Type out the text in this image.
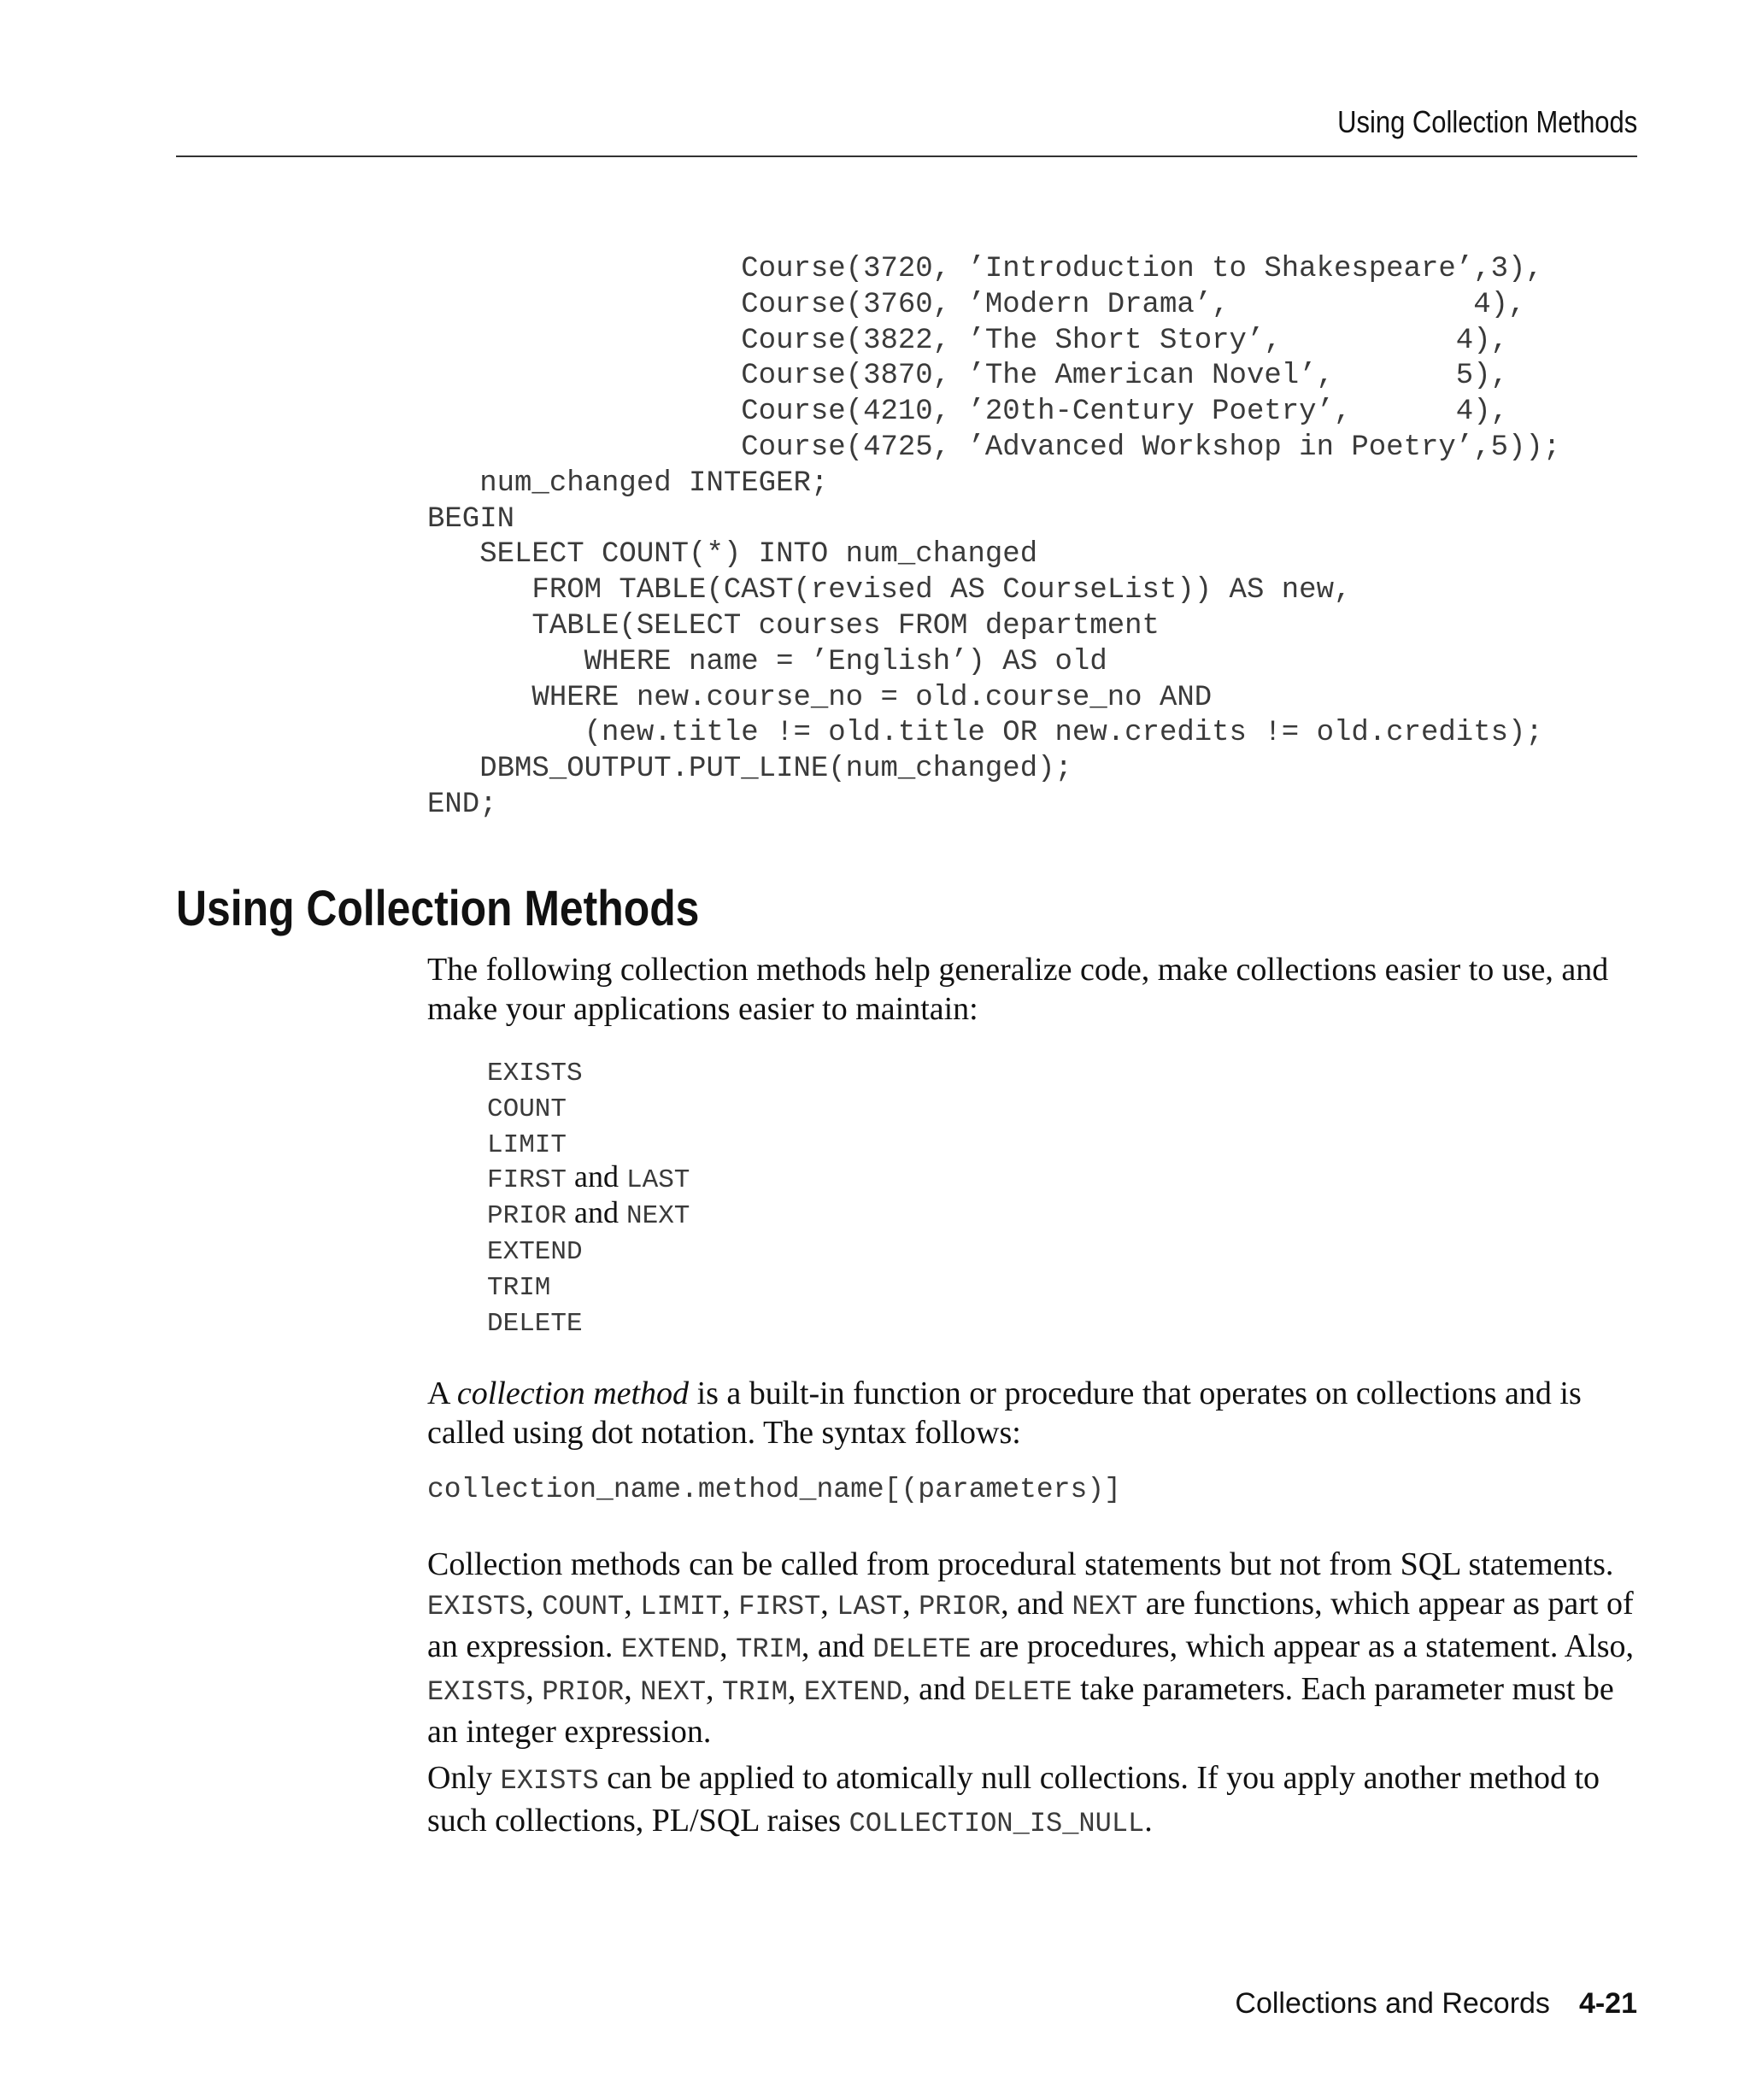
Using Collection Methods
Course(3720, ’Introduction to Shakespeare’,3),
Course(3760, ’Modern Drama’,              4),
Course(3822, ’The Short Story’,          4),
Course(3870, ’The American Novel’,       5),
Course(4210, ’20th-Century Poetry’,      4),
Course(4725, ’Advanced Workshop in Poetry’,5));
num_changed INTEGER;
BEGIN
SELECT COUNT(*) INTO num_changed
FROM TABLE(CAST(revised AS CourseList)) AS new,
TABLE(SELECT courses FROM department
WHERE name = ’English’) AS old
WHERE new.course_no = old.course_no AND
(new.title != old.title OR new.credits != old.credits);
DBMS_OUTPUT.PUT_LINE(num_changed);
END;
Using Collection Methods

The following collection methods help generalize code, make collections easier to use, and make your applications easier to maintain:

EXISTS
COUNT
LIMIT
FIRST and LAST
PRIOR and NEXT
EXTEND
TRIM
DELETE

A collection method is a built-in function or procedure that operates on collections and is called using dot notation. The syntax follows:

collection_name.method_name[(parameters)]

Collection methods can be called from procedural statements but not from SQL statements. EXISTS, COUNT, LIMIT, FIRST, LAST, PRIOR, and NEXT are functions, which appear as part of an expression. EXTEND, TRIM, and DELETE are procedures, which appear as a statement. Also, EXISTS, PRIOR, NEXT, TRIM, EXTEND, and DELETE take parameters. Each parameter must be an integer expression.

Only EXISTS can be applied to atomically null collections. If you apply another method to such collections, PL/SQL raises COLLECTION_IS_NULL.

Collections and Records 4-21
